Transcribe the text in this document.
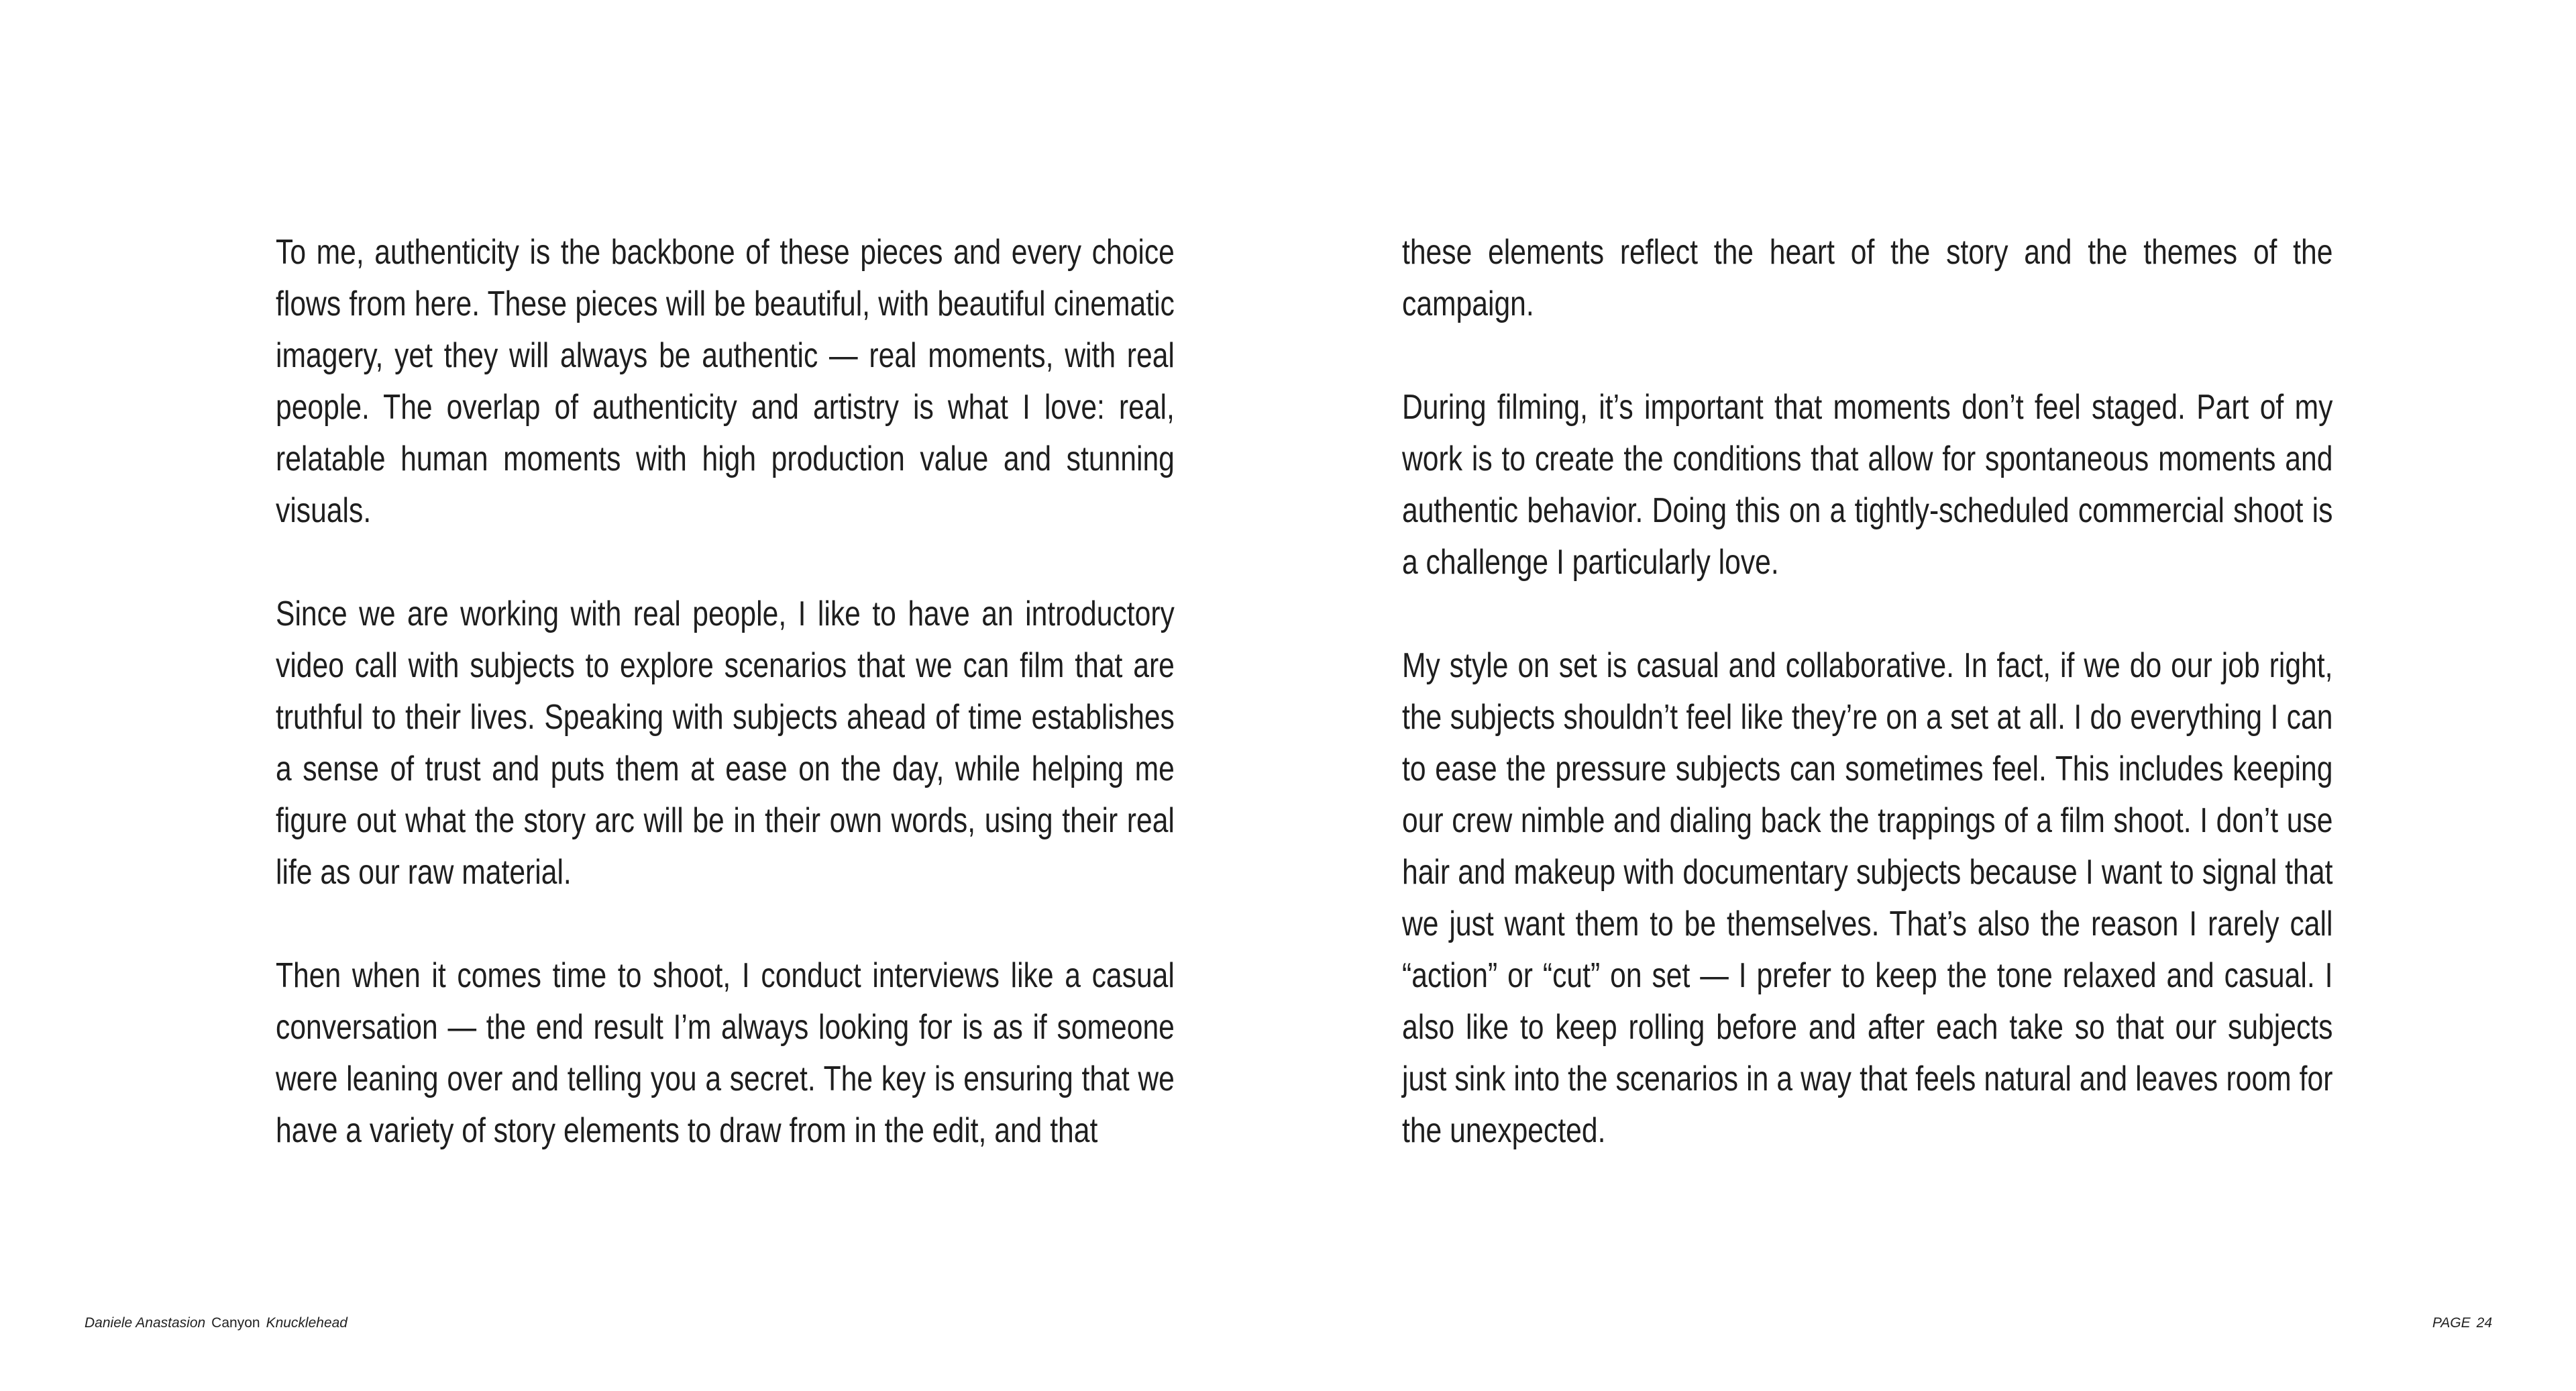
To me, authenticity is the backbone of these pieces and every choice flows from here. These pieces will be beautiful, with beautiful cinematic imagery, yet they will always be authentic — real moments, with real people. The overlap of authenticity and artistry is what I love: real, relatable human moments with high production value and stunning visuals.

Since we are working with real people, I like to have an introductory video call with subjects to explore scenarios that we can film that are truthful to their lives. Speaking with subjects ahead of time establishes a sense of trust and puts them at ease on the day, while helping me figure out what the story arc will be in their own words, using their real life as our raw material.

Then when it comes time to shoot, I conduct interviews like a casual conversation — the end result I’m always looking for is as if someone were leaning over and telling you a secret. The key is ensuring that we have a variety of story elements to draw from in the edit, and that

these elements reflect the heart of the story and the themes of the campaign.

During filming, it’s important that moments don’t feel staged. Part of my work is to create the conditions that allow for spontaneous moments and authentic behavior. Doing this on a tightly-scheduled commercial shoot is a challenge I particularly love.

My style on set is casual and collaborative. In fact, if we do our job right, the subjects shouldn’t feel like they’re on a set at all. I do everything I can to ease the pressure subjects can sometimes feel. This includes keeping our crew nimble and dialing back the trappings of a film shoot. I don’t use hair and makeup with documentary subjects because I want to signal that we just want them to be themselves. That’s also the reason I rarely call “action” or “cut” on set — I prefer to keep the tone relaxed and casual. I also like to keep rolling before and after each take so that our subjects just sink into the scenarios in a way that feels natural and leaves room for the unexpected.

Daniele Anastasion Canyon Knucklehead	PAGE 24
